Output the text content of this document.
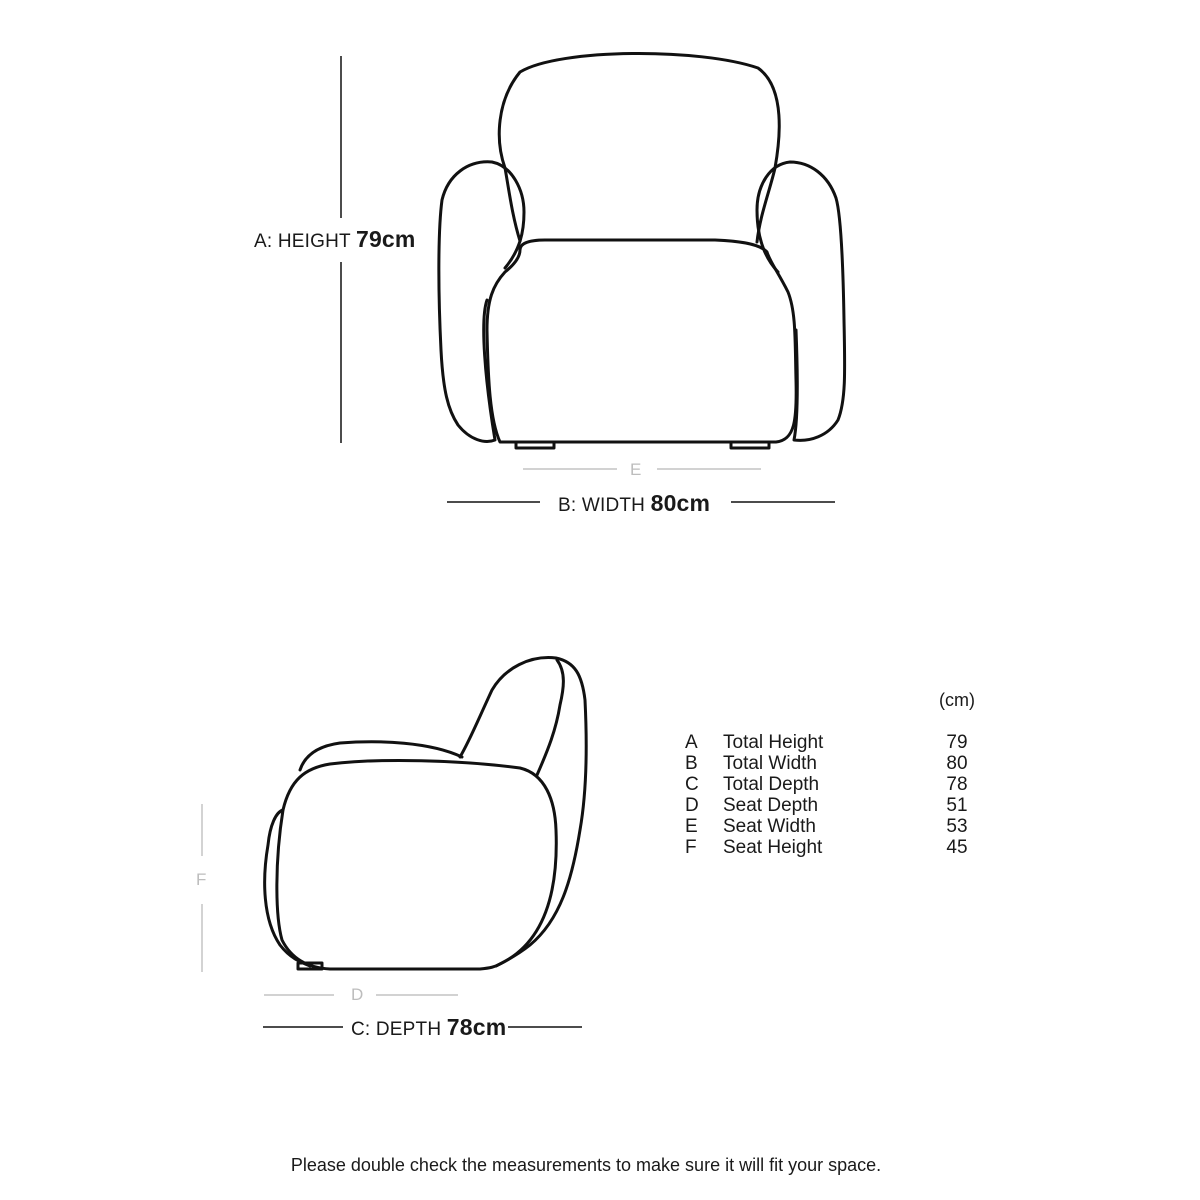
A: HEIGHT 79cm
E
B: WIDTH 80cm
F
D
C: DEPTH 78cm
(cm)
A Total Height	79
B Total Width	80
C Total Depth	78
D Seat Depth	51
E Seat Width	53
F Seat Height	45
Please double check the measurements to make sure it will fit your space.
